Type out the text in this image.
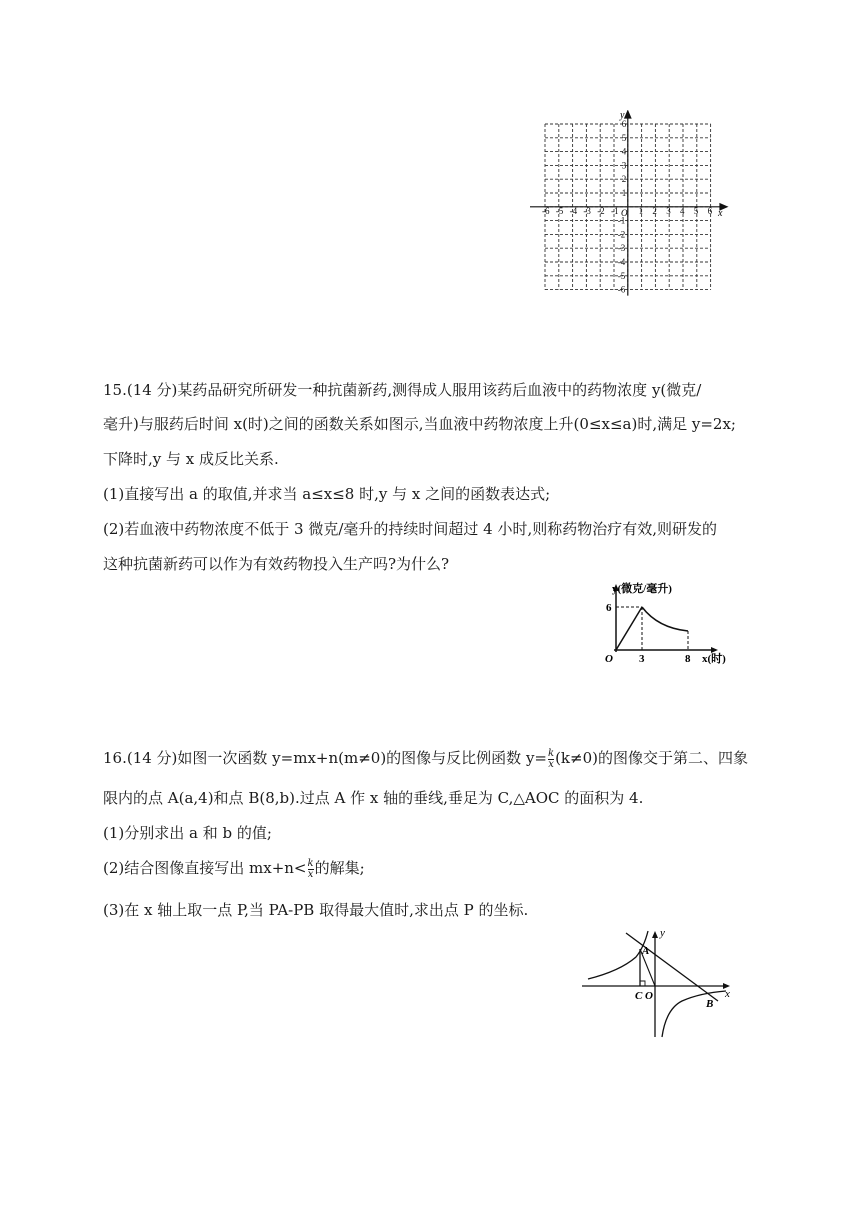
-6 -5 -4 -3 -2 -1 1 2 3 4 5 6
6
5
4
3
2
1
-1
-2
-3
-4
-5
-6
O	x
y
15.(14 分)某药品研究所研发一种抗菌新药,测得成人服用该药后血液中的药物浓度 y(微克/
毫升)与服药后时间 x(时)之间的函数关系如图示,当血液中药物浓度上升(0≤x≤a)时,满足 y=2x;
下降时,y 与 x 成反比关系.
(1)直接写出 a 的取值,并求当 a≤x≤8 时,y 与 x 之间的函数表达式;
(2)若血液中药物浓度不低于 3 微克/毫升的持续时间超过 4 小时,则称药物治疗有效,则研发的
这种抗菌新药可以作为有效药物投入生产吗?为什么?
y(微克/毫升)
6
O 3	8 x(时)
16.(14 分)如图一次函数 y=mx+n(m≠0)的图像与反比例函数 $y= \frac{k}{x} (k\ne 0)$的图像交于第二、四象
限内的点 A(a,4)和点 B(8,b).过点 A 作 x 轴的垂线,垂足为 C,△AOC 的面积为 4.
(1)分别求出 a 和 b 的值;
(2)结合图像直接写出 $mx+n< \frac{k}{x}$ 的解集;
(3)在 x 轴上取一点 P,当 PA-PB 取得最大值时,求出点 P 的坐标.
y
A
x
C O
B
